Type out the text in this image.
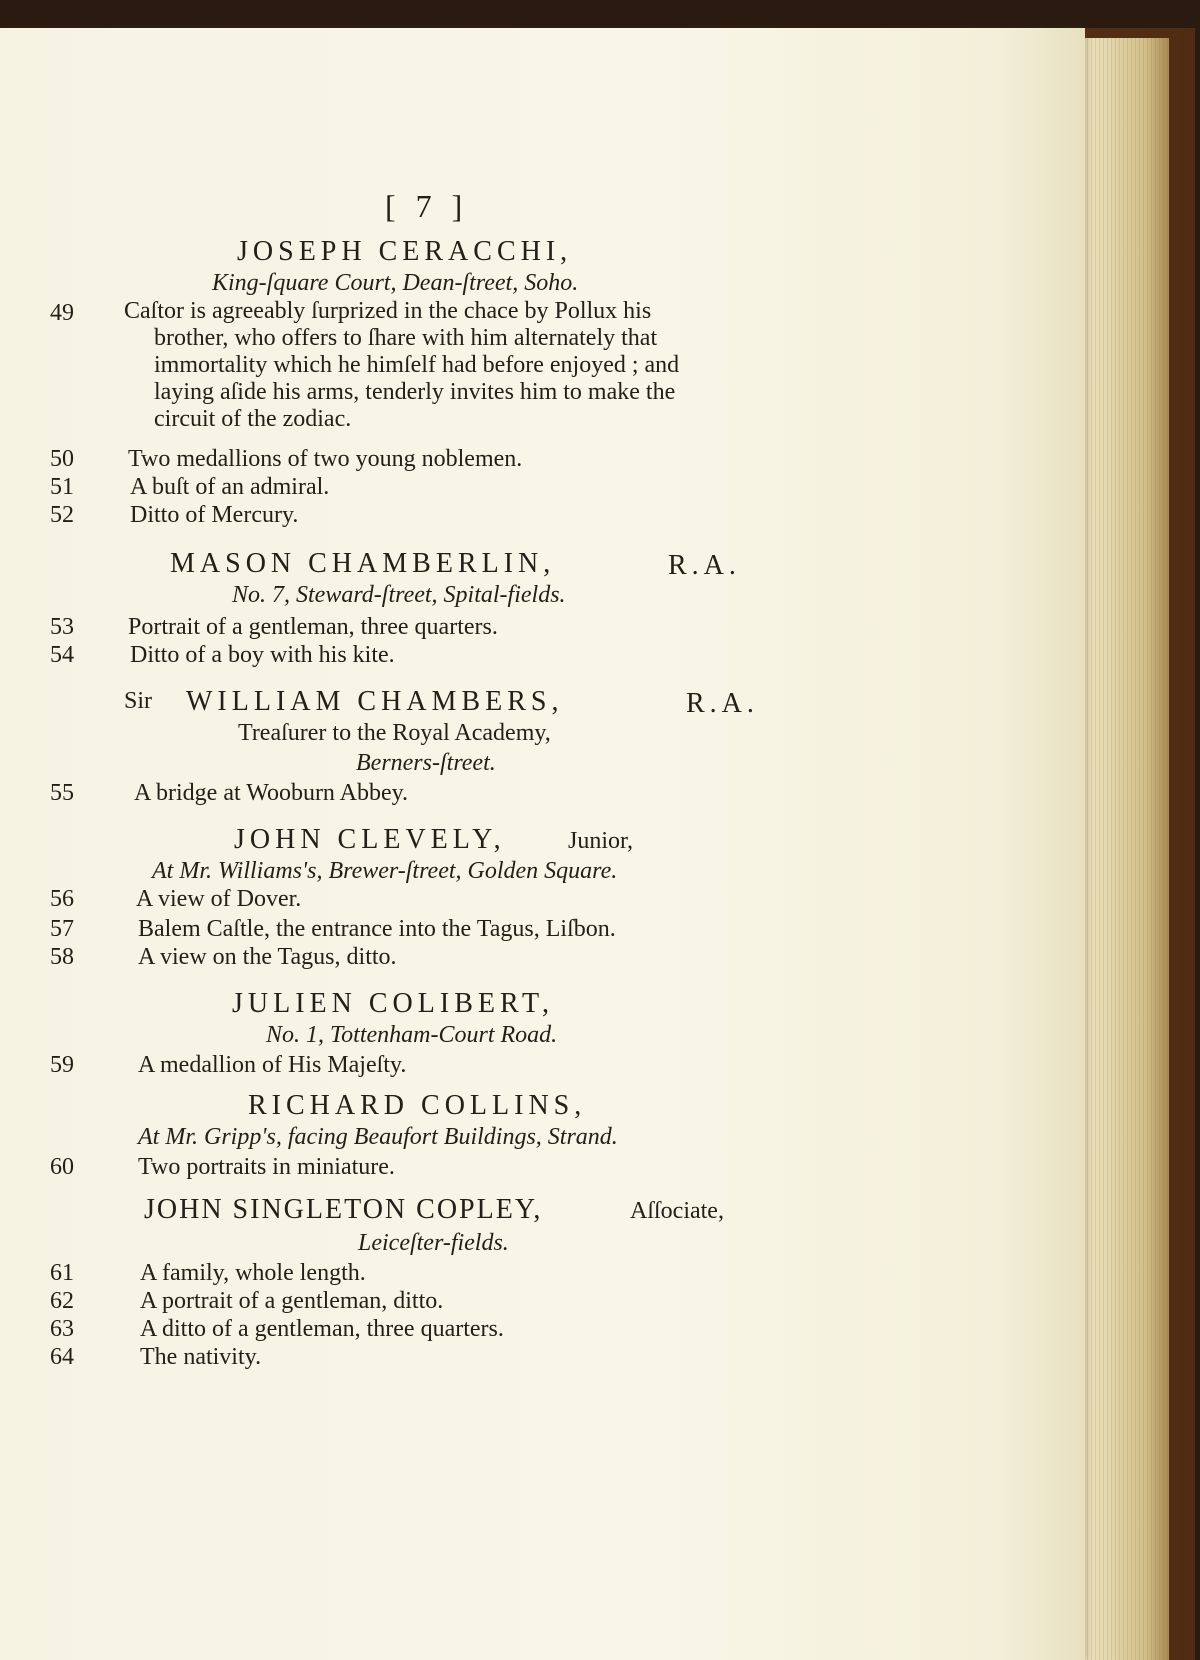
[ 7 ]
JOSEPH CERACCHI,
King-ſquare Court, Dean-ſtreet, Soho.
49	Caſtor is agreeably ſurprized in the chace by Pollux his
brother, who offers to ſhare with him alternately that
immortality which he himſelf had before enjoyed ; and
laying aſide his arms, tenderly invites him to make the
circuit of the zodiac.
50	Two medallions of two young noblemen.
51	A buſt of an admiral.
52	Ditto of Mercury.
MASON CHAMBERLIN,	R.A.
No. 7, Steward-ſtreet, Spital-fields.
53	Portrait of a gentleman, three quarters.
54	Ditto of a boy with his kite.
Sir WILLIAM CHAMBERS,	R.A.
Treaſurer to the Royal Academy,
Berners-ſtreet.
55	A bridge at Wooburn Abbey.
JOHN CLEVELY,	Junior,
At Mr. Williams's, Brewer-ſtreet, Golden Square.
56	A view of Dover.
57	Balem Caſtle, the entrance into the Tagus, Liſbon.
58	A view on the Tagus, ditto.
JULIEN COLIBERT,
No. 1, Tottenham-Court Road.
59	A medallion of His Majeſty.
RICHARD COLLINS,
At Mr. Gripp's, facing Beaufort Buildings, Strand.
60	Two portraits in miniature.
JOHN SINGLETON COPLEY,	Aſſociate,
Leiceſter-fields.
61	A family, whole length.
62	A portrait of a gentleman, ditto.
63	A ditto of a gentleman, three quarters.
64	The nativity.
